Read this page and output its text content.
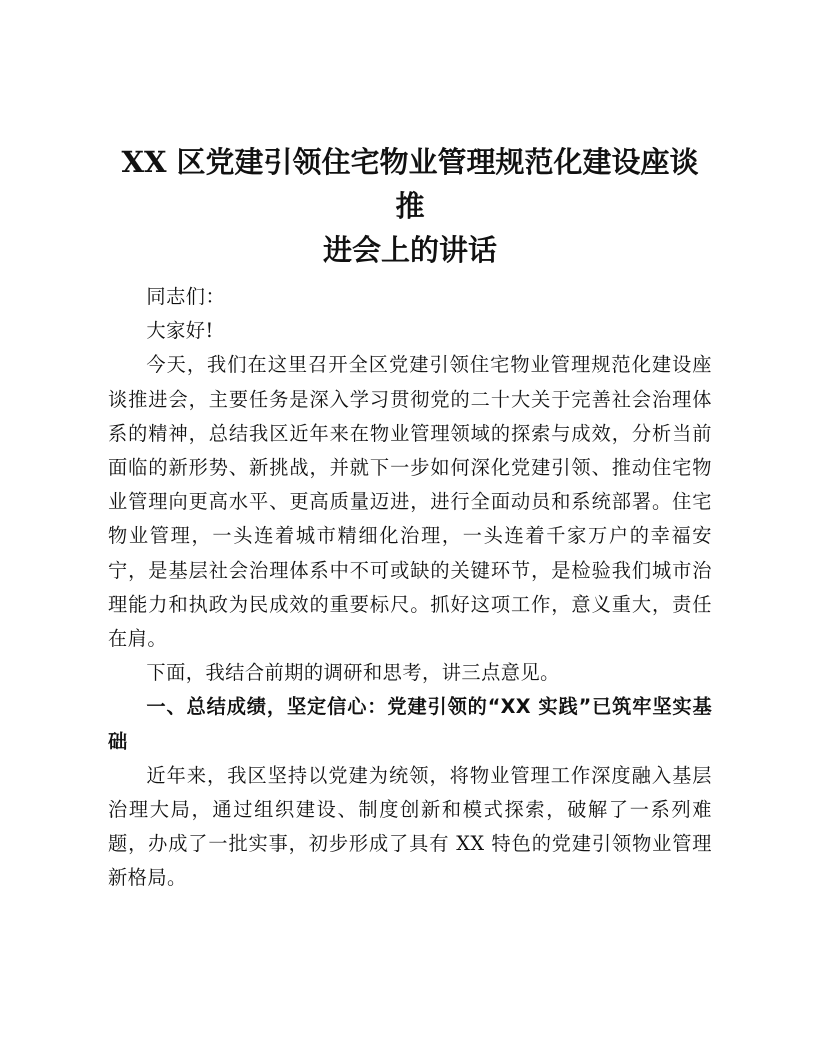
XX 区党建引领住宅物业管理规范化建设座谈推
进会上的讲话

同志们：

大家好!

今天，我们在这里召开全区党建引领住宅物业管理规范化建设座谈推进会，主要任务是深入学习贯彻党的二十大关于完善社会治理体系的精神，总结我区近年来在物业管理领域的探索与成效，分析当前面临的新形势、新挑战，并就下一步如何深化党建引领、推动住宅物业管理向更高水平、更高质量迈进，进行全面动员和系统部署。住宅物业管理，一头连着城市精细化治理，一头连着千家万户的幸福安宁，是基层社会治理体系中不可或缺的关键环节，是检验我们城市治理能力和执政为民成效的重要标尺。抓好这项工作，意义重大，责任在肩。

下面，我结合前期的调研和思考，讲三点意见。

一、总结成绩，坚定信心：党建引领的“XX 实践”已筑牢坚实基础

近年来，我区坚持以党建为统领，将物业管理工作深度融入基层治理大局，通过组织建设、制度创新和模式探索，破解了一系列难题，办成了一批实事，初步形成了具有 XX 特色的党建引领物业管理新格局。
